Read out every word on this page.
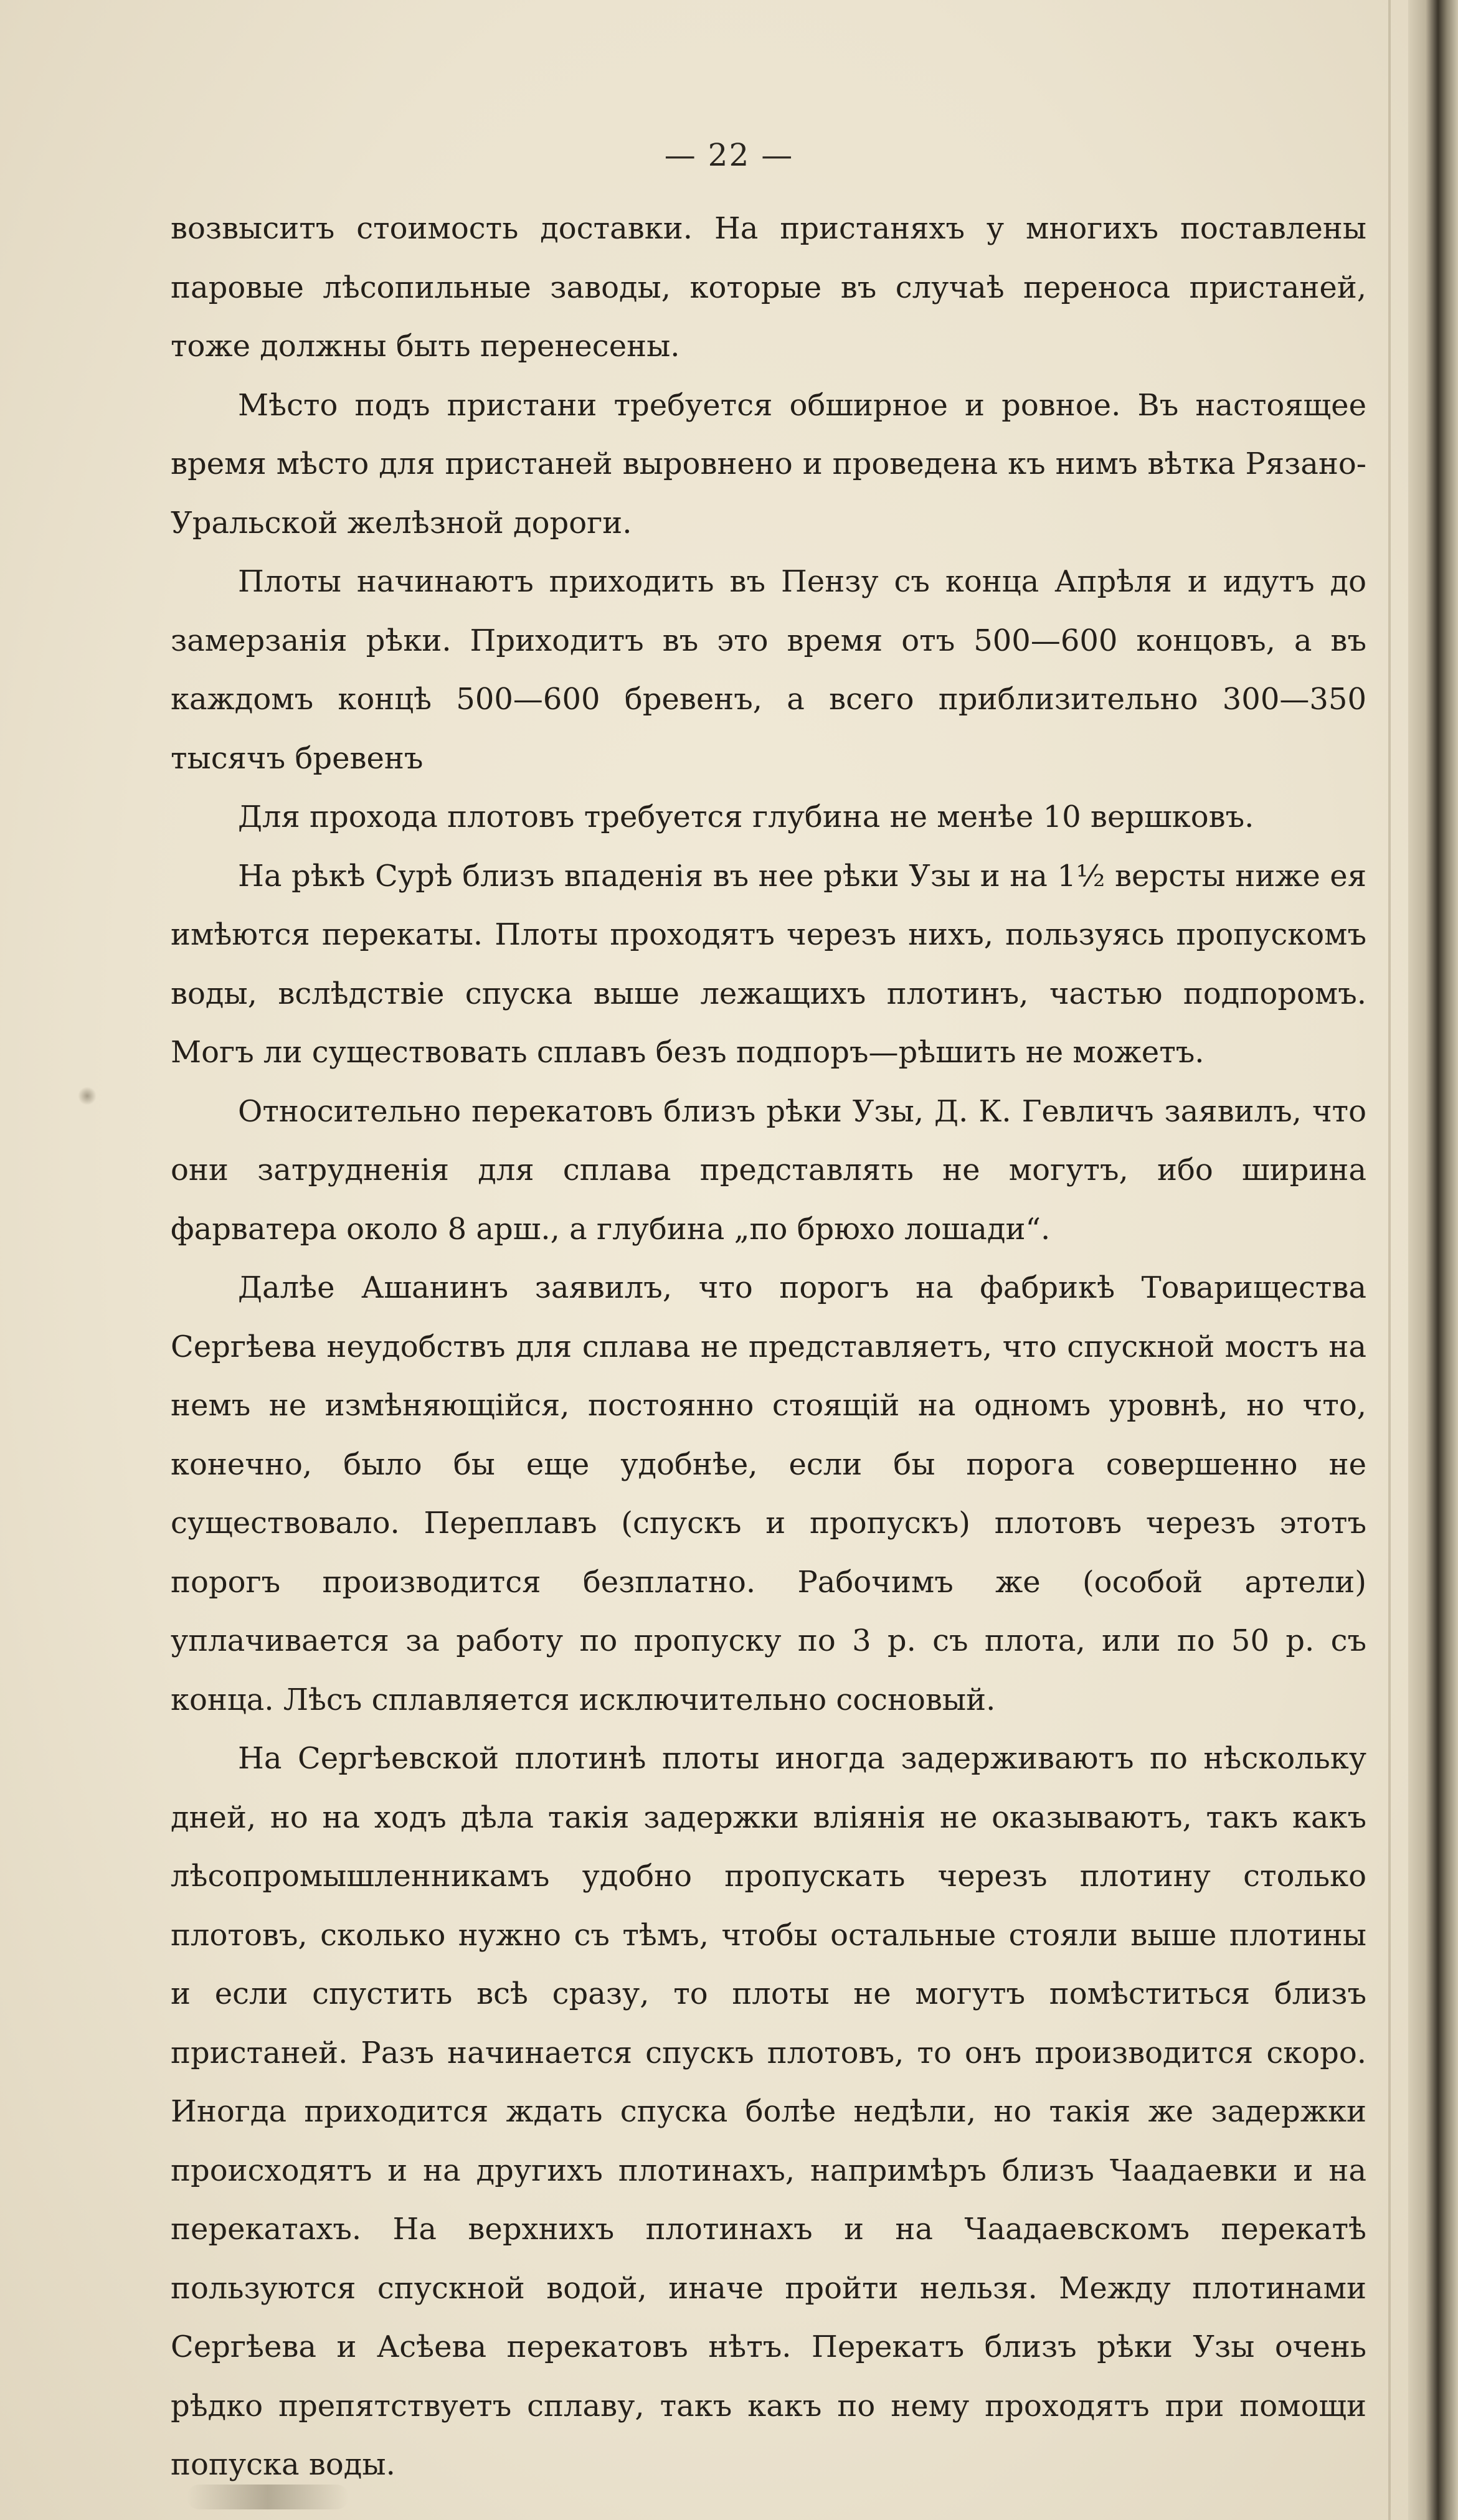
— 22 —

возвыситъ стоимость доставки. На пристаняхъ у многихъ поставлены паровые лѣсопильные заводы, которые въ случаѣ переноса пристаней, тоже должны быть перенесены.

Мѣсто подъ пристани требуется обширное и ровное. Въ настоящее время мѣсто для пристаней выровнено и проведена къ нимъ вѣтка Рязано-Уральской желѣзной дороги.

Плоты начинаютъ приходить въ Пензу съ конца Апрѣля и идутъ до замерзанія рѣки. Приходитъ въ это время отъ 500—600 концовъ, а въ каждомъ концѣ 500—600 бревенъ, а всего приблизительно 300—350 тысячъ бревенъ

Для прохода плотовъ требуется глубина не менѣе 10 вершковъ.

На рѣкѣ Сурѣ близъ впаденія въ нее рѣки Узы и на 1½ версты ниже ея имѣются перекаты. Плоты проходятъ черезъ нихъ, пользуясь пропускомъ воды, вслѣдствіе спуска выше лежащихъ плотинъ, частью подпоромъ. Могъ ли существовать сплавъ безъ подпоръ—рѣшить не можетъ.

Относительно перекатовъ близъ рѣки Узы, Д. К. Гевличъ заявилъ, что они затрудненія для сплава представлять не могутъ, ибо ширина фарватера около 8 арш., а глубина „по брюхо лошади“.

Далѣе Ашанинъ заявилъ, что порогъ на фабрикѣ Товарищества Сергѣева неудобствъ для сплава не представляетъ, что спускной мостъ на немъ не измѣняющійся, постоянно стоящій на одномъ уровнѣ, но что, конечно, было бы еще удобнѣе, если бы порога совершенно не существовало. Переплавъ (спускъ и пропускъ) плотовъ черезъ этотъ порогъ производится безплатно. Рабочимъ же (особой артели) уплачивается за работу по пропуску по 3 р. съ плота, или по 50 р. съ конца. Лѣсъ сплавляется исключительно сосновый.

На Сергѣевской плотинѣ плоты иногда задерживаютъ по нѣскольку дней, но на ходъ дѣла такія задержки вліянія не оказываютъ, такъ какъ лѣсопромышленникамъ удобно пропускать черезъ плотину столько плотовъ, сколько нужно съ тѣмъ, чтобы остальные стояли выше плотины и если спустить всѣ сразу, то плоты не могутъ помѣститься близъ пристаней. Разъ начинается спускъ плотовъ, то онъ производится скоро. Иногда приходится ждать спуска болѣе недѣли, но такія же задержки происходятъ и на другихъ плотинахъ, напримѣръ близъ Чаадаевки и на перекатахъ. На верхнихъ плотинахъ и на Чаадаевскомъ перекатѣ пользуются спускной водой, иначе пройти нельзя. Между плотинами Сергѣева и Асѣева перекатовъ нѣтъ. Перекатъ близъ рѣки Узы очень рѣдко препятствуетъ сплаву, такъ какъ по нему проходятъ при помощи попуска воды.
